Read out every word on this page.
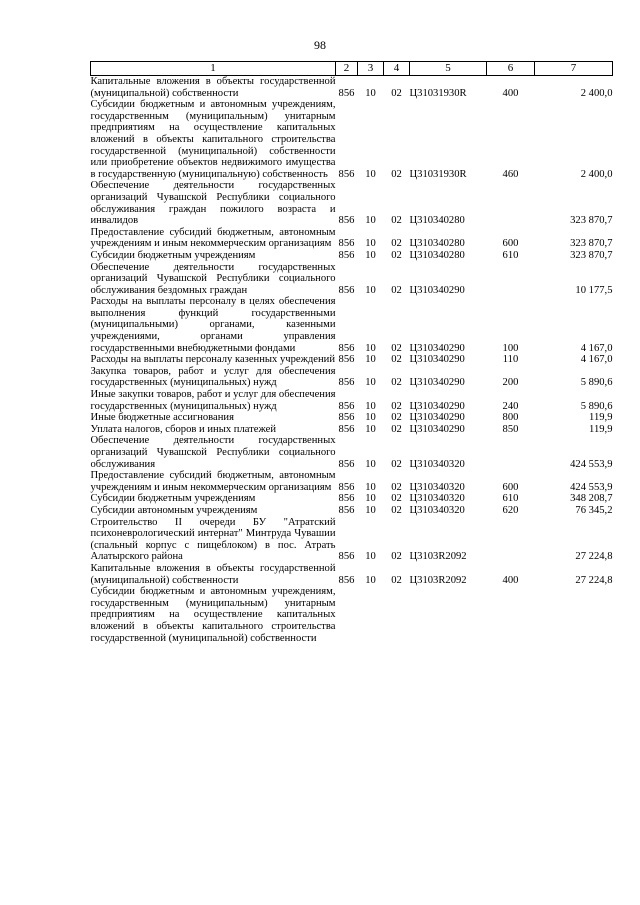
98
1	2	3	4	5	6	7
Капитальные вложения в объекты государственной (муниципальной) собственности	856	10	02	Ц31031930R	400	2 400,0
Субсидии бюджетным и автономным учреждениям, государственным (муниципальным) унитарным предприятиям на осуществление капитальных вложений в объекты капитального строительства государственной (муниципальной) собственности или приобретение объектов недвижимого имущества в государственную (муниципальную) собственность	856	10	02	Ц31031930R	460	2 400,0
Обеспечение деятельности государственных организаций Чувашской Республики социального обслуживания граждан пожилого возраста и инвалидов	856	10	02	Ц310340280		323 870,7
Предоставление субсидий бюджетным, автономным учреждениям и иным некоммерческим организациям	856	10	02	Ц310340280	600	323 870,7
Субсидии бюджетным учреждениям	856	10	02	Ц310340280	610	323 870,7
Обеспечение деятельности государственных организаций Чувашской Республики социального обслуживания бездомных граждан	856	10	02	Ц310340290		10 177,5
Расходы на выплаты персоналу в целях обеспечения выполнения функций государственными (муниципальными) органами, казенными учреждениями, органами управления государственными внебюджетными фондами	856	10	02	Ц310340290	100	4 167,0
Расходы на выплаты персоналу казенных учреждений	856	10	02	Ц310340290	110	4 167,0
Закупка товаров, работ и услуг для обеспечения государственных (муниципальных) нужд	856	10	02	Ц310340290	200	5 890,6
Иные закупки товаров, работ и услуг для обеспечения государственных (муниципальных) нужд	856	10	02	Ц310340290	240	5 890,6
Иные бюджетные ассигнования	856	10	02	Ц310340290	800	119,9
Уплата налогов, сборов и иных платежей	856	10	02	Ц310340290	850	119,9
Обеспечение деятельности государственных организаций Чувашской Республики социального обслуживания	856	10	02	Ц310340320		424 553,9
Предоставление субсидий бюджетным, автономным учреждениям и иным некоммерческим организациям	856	10	02	Ц310340320	600	424 553,9
Субсидии бюджетным учреждениям	856	10	02	Ц310340320	610	348 208,7
Субсидии автономным учреждениям	856	10	02	Ц310340320	620	76 345,2
Строительство II очереди БУ "Атратский психоневрологический интернат" Минтруда Чувашии (спальный корпус с пищеблоком) в пос. Атрать Алатырского района	856	10	02	Ц3103R2092		27 224,8
Капитальные вложения в объекты государственной (муниципальной) собственности	856	10	02	Ц3103R2092	400	27 224,8
Субсидии бюджетным и автономным учреждениям, государственным (муниципальным) унитарным предприятиям на осуществление капитальных вложений в объекты капитального строительства государственной (муниципальной) собственности						
